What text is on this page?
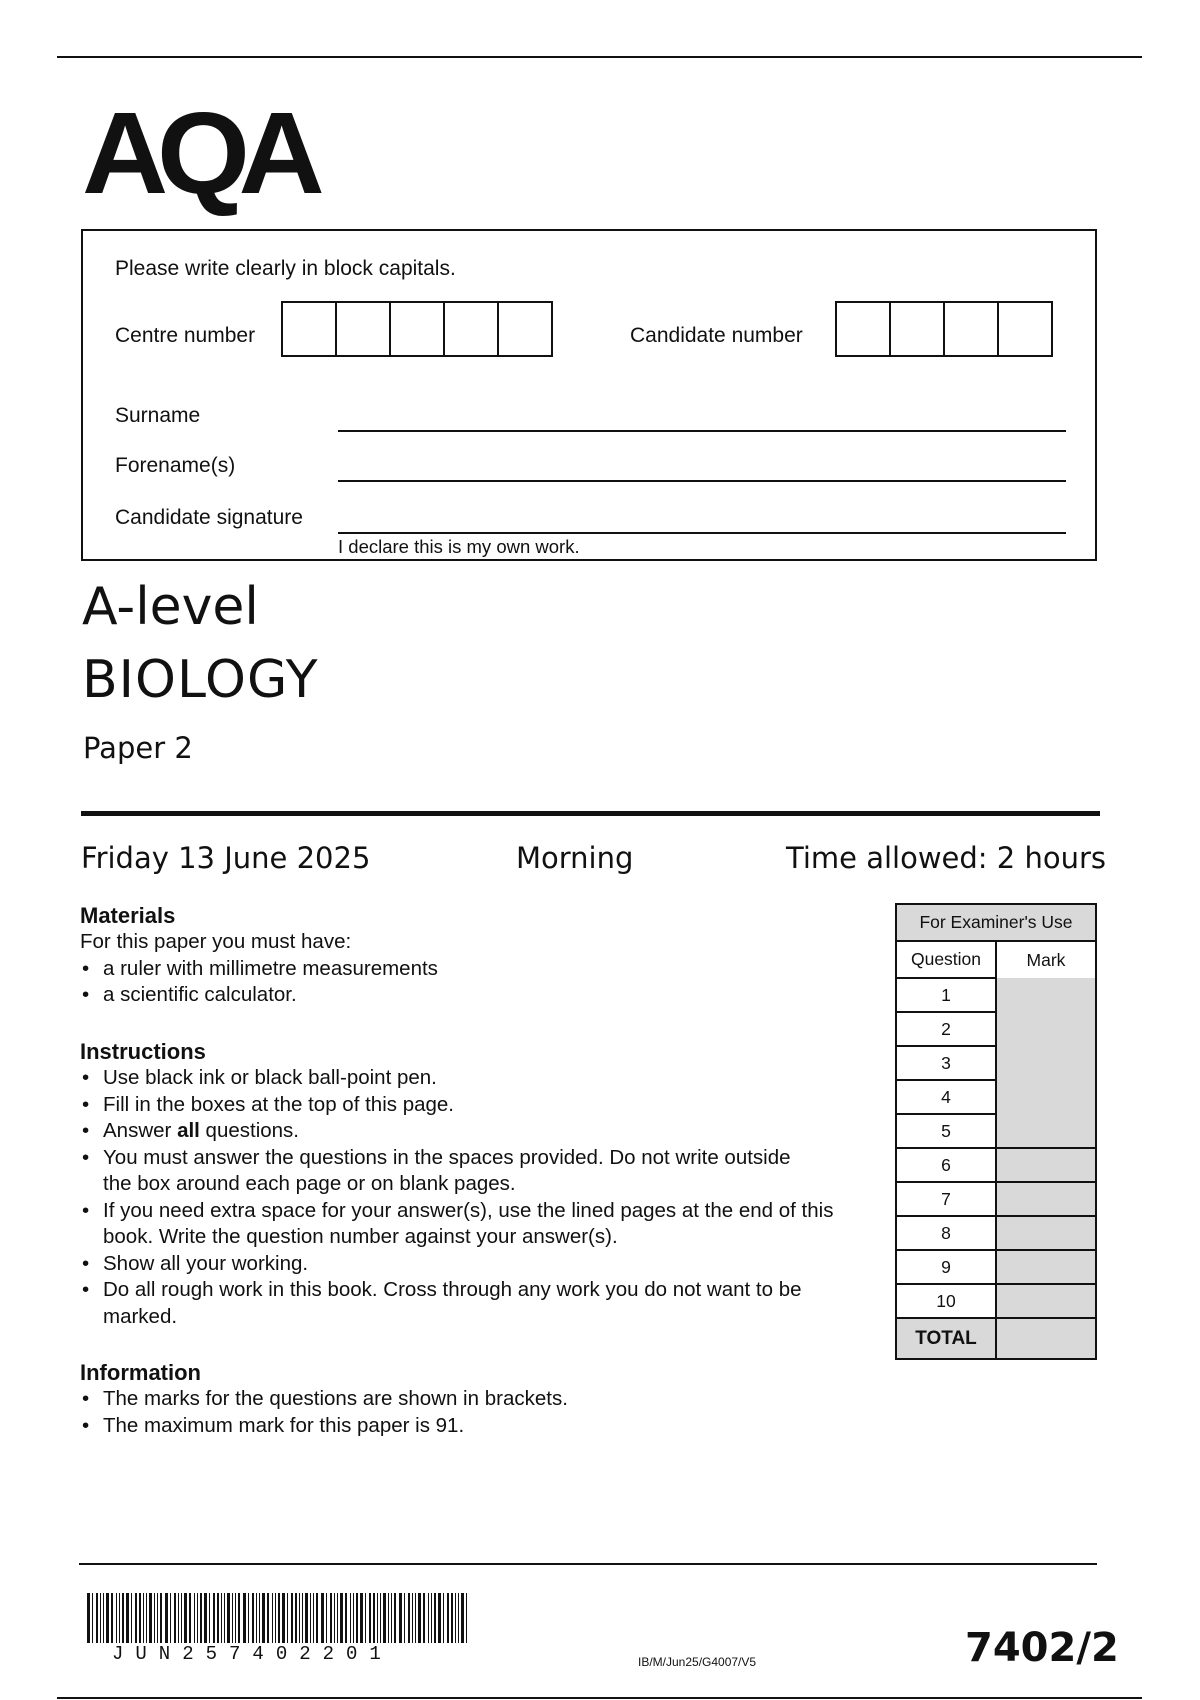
AQA
Please write clearly in block capitals.
Centre number	Candidate number
Surname
Forename(s)
Candidate signature
I declare this is my own work.
A-level
BIOLOGY
Paper 2
Friday 13 June 2025	Morning	Time allowed: 2 hours
Materials
For this paper you must have:
• a ruler with millimetre measurements
• a scientific calculator.
Instructions
• Use black ink or black ball-point pen.
• Fill in the boxes at the top of this page.
• Answer all questions.
• You must answer the questions in the spaces provided. Do not write outside the box around each page or on blank pages.
• If you need extra space for your answer(s), use the lined pages at the end of this book. Write the question number against your answer(s).
• Show all your working.
• Do all rough work in this book. Cross through any work you do not want to be marked.
Information
• The marks for the questions are shown in brackets.
• The maximum mark for this paper is 91.
For Examiner's Use	
Question	Mark
1	
2	
3	
4	
5	
6	
7	
8	
9	
10	
TOTAL	
JUN257402201	IB/M/Jun25/G4007/V5	7402/2
